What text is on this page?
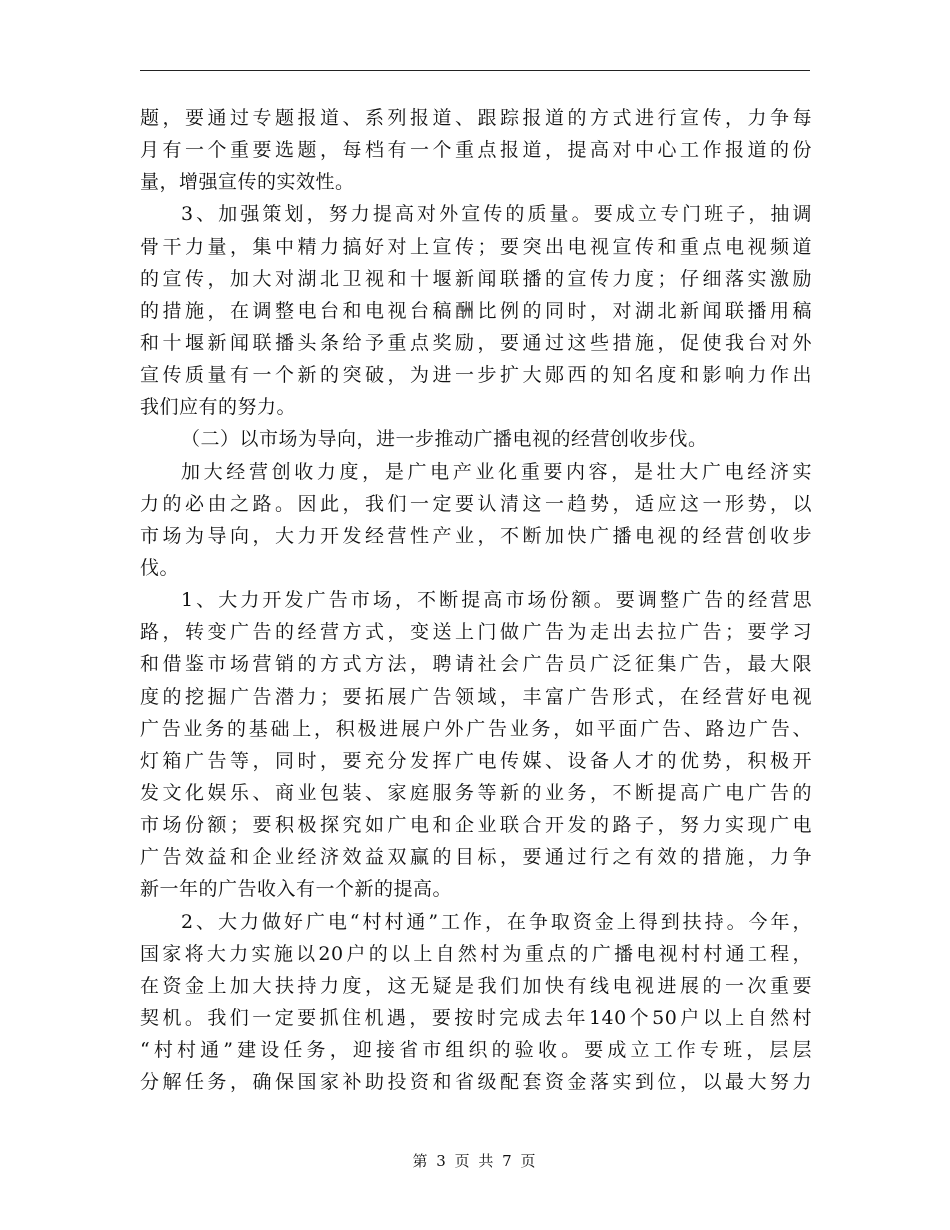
题，要通过专题报道、系列报道、跟踪报道的方式进行宣传，力争每
月有一个重要选题，每档有一个重点报道，提高对中心工作报道的份
量，增强宣传的实效性。
3、加强策划，努力提高对外宣传的质量。要成立专门班子，抽调
骨干力量，集中精力搞好对上宣传；要突出电视宣传和重点电视频道
的宣传，加大对湖北卫视和十堰新闻联播的宣传力度；仔细落实激励
的措施，在调整电台和电视台稿酬比例的同时，对湖北新闻联播用稿
和十堰新闻联播头条给予重点奖励，要通过这些措施，促使我台对外
宣传质量有一个新的突破，为进一步扩大郧西的知名度和影响力作出
我们应有的努力。
（二）以市场为导向，进一步推动广播电视的经营创收步伐。
加大经营创收力度，是广电产业化重要内容，是壮大广电经济实
力的必由之路。因此，我们一定要认清这一趋势，适应这一形势，以
市场为导向，大力开发经营性产业，不断加快广播电视的经营创收步
伐。
1、大力开发广告市场，不断提高市场份额。要调整广告的经营思
路，转变广告的经营方式，变送上门做广告为走出去拉广告；要学习
和借鉴市场营销的方式方法，聘请社会广告员广泛征集广告，最大限
度的挖掘广告潜力；要拓展广告领域，丰富广告形式，在经营好电视
广告业务的基础上，积极进展户外广告业务，如平面广告、路边广告、
灯箱广告等，同时，要充分发挥广电传媒、设备人才的优势，积极开
发文化娱乐、商业包装、家庭服务等新的业务，不断提高广电广告的
市场份额；要积极探究如广电和企业联合开发的路子，努力实现广电
广告效益和企业经济效益双赢的目标，要通过行之有效的措施，力争
新一年的广告收入有一个新的提高。
2、大力做好广电“村村通”工作，在争取资金上得到扶持。今年，
国家将大力实施以20户的以上自然村为重点的广播电视村村通工程，
在资金上加大扶持力度，这无疑是我们加快有线电视进展的一次重要
契机。我们一定要抓住机遇，要按时完成去年140个50户以上自然村
“村村通”建设任务，迎接省市组织的验收。要成立工作专班，层层
分解任务，确保国家补助投资和省级配套资金落实到位，以最大努力
第 3 页 共 7 页
